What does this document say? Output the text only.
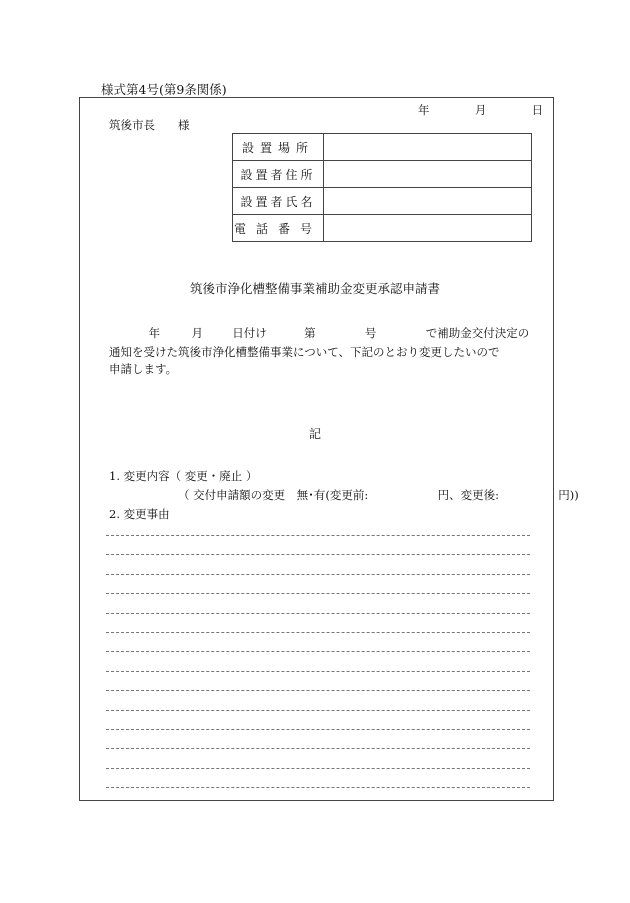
様式第4号(第9条関係)
年	月	日
筑後市長　　様
設置場所	
設置者住所	
設置者氏名	
電話番号	
筑後市浄化槽整備事業補助金変更承認申請書
年	月	日付け	第	号	で補助金交付決定の
通知を受けた筑後市浄化槽整備事業について、下記のとおり変更したいので
申請します。
記
1. 変更内容（ 変更・廃止 ）
（ 交付申請額の変更　無･有(変更前:	円、変更後:	円))
2. 変更事由
